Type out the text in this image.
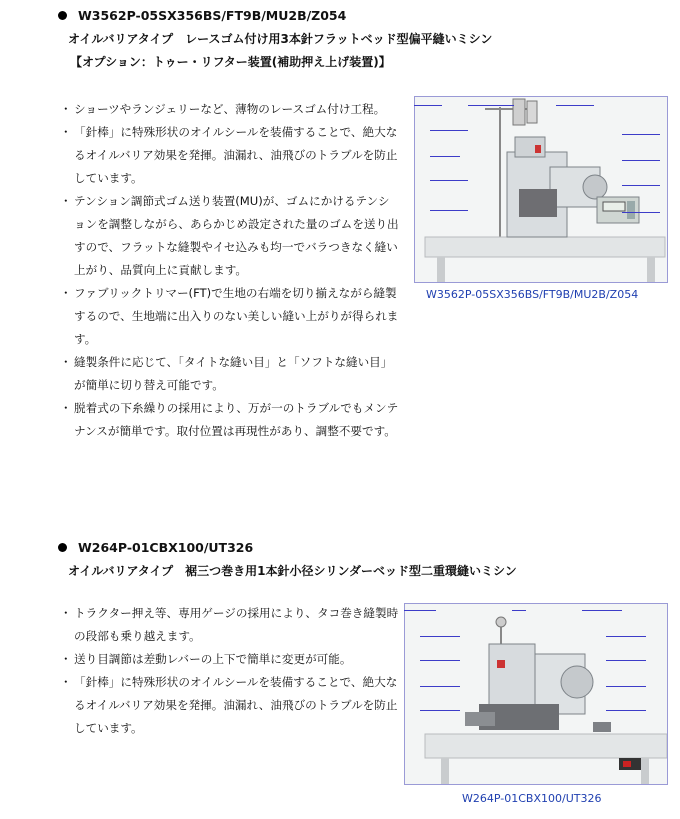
W3562P-05SX356BS/FT9B/MU2B/Z054
オイルバリアタイプ　レースゴム付け用3本針フラットベッド型偏平縫いミシン
【オプション：トゥー・リフター装置(補助押え上げ装置)】
・ ショーツやランジェリーなど、薄物のレースゴム付け工程。
・ 「針棒」に特殊形状のオイルシールを装備することで、絶大なるオイルバリア効果を発揮。油漏れ、油飛びのトラブルを防止しています。
・ テンション調節式ゴム送り装置(MU)が、ゴムにかけるテンションを調整しながら、あらかじめ設定された量のゴムを送り出すので、フラットな縫製やイセ込みも均一でバラつきなく縫い上がり、品質向上に貢献します。
・ ファブリックトリマー(FT)で生地の右端を切り揃えながら縫製するので、生地端に出入りのない美しい縫い上がりが得られます。
・ 縫製条件に応じて、「タイトな縫い目」と「ソフトな縫い目」が簡単に切り替え可能です。
・ 脱着式の下糸繰りの採用により、万が一のトラブルでもメンテナンスが簡単です。取付位置は再現性があり、調整不要です。
W3562P-05SX356BS/FT9B/MU2B/Z054
W264P-01CBX100/UT326
オイルバリアタイプ　裾三つ巻き用1本針小径シリンダーベッド型二重環縫いミシン
・ トラクター押え等、専用ゲージの採用により、タコ巻き縫製時の段部も乗り越えます。
・ 送り目調節は差動レバーの上下で簡単に変更が可能。
・ 「針棒」に特殊形状のオイルシールを装備することで、絶大なるオイルバリア効果を発揮。油漏れ、油飛びのトラブルを防止しています。
W264P-01CBX100/UT326
